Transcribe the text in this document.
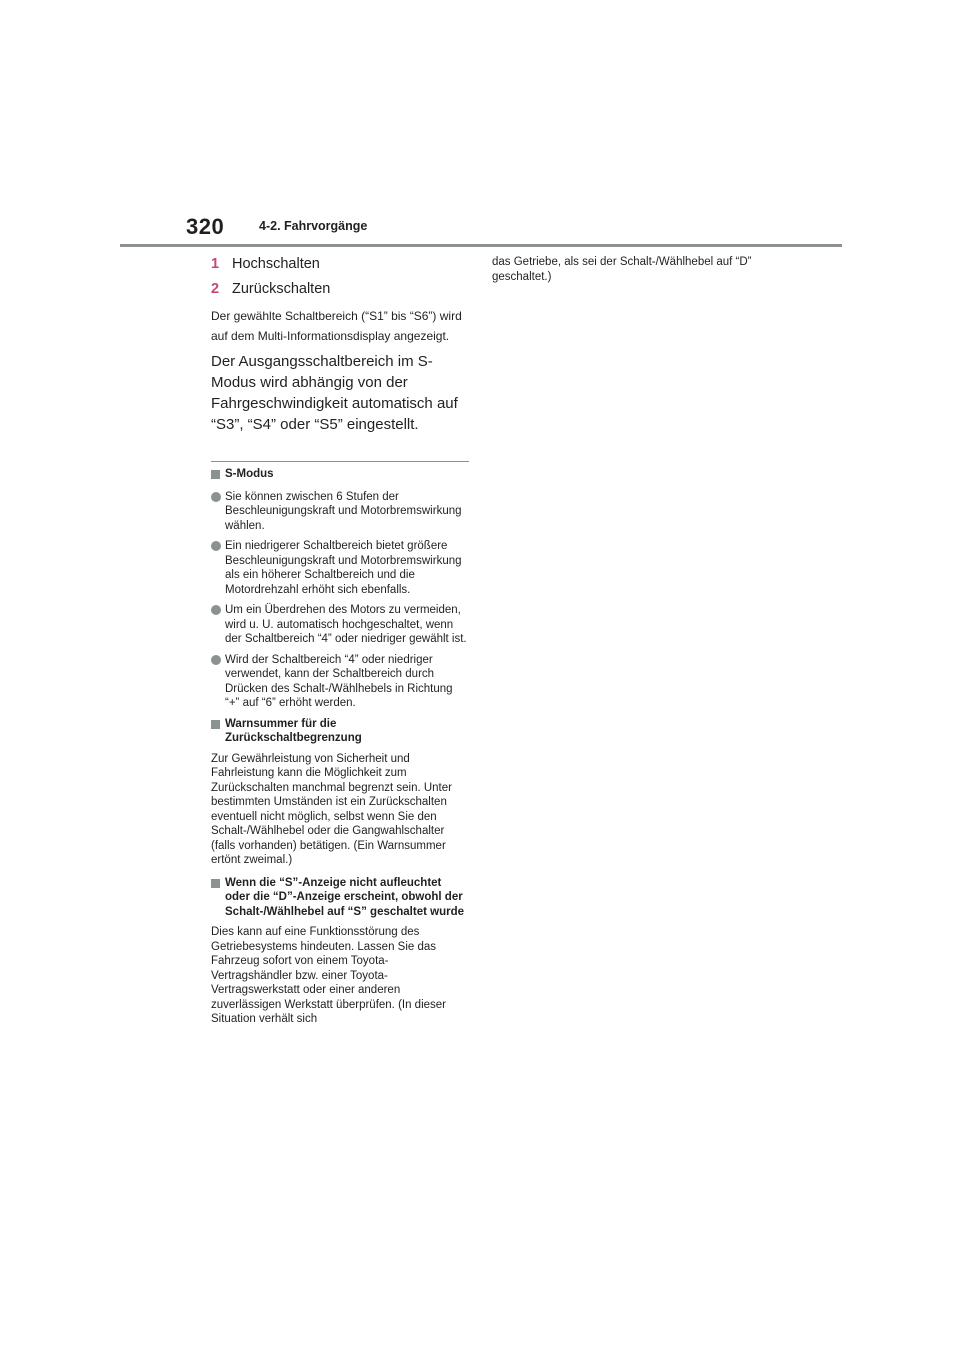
320	4-2. Fahrvorgänge
1 Hochschalten
2 Zurückschalten

Der gewählte Schaltbereich (“S1” bis “S6”) wird auf dem Multi-Informationsdisplay angezeigt.

Der Ausgangsschaltbereich im S-Modus wird abhängig von der Fahrgeschwindigkeit automatisch auf “S3”, “S4” oder “S5” eingestellt.

S-Modus
Sie können zwischen 6 Stufen der Beschleunigungskraft und Motorbremswirkung wählen.
Ein niedrigerer Schaltbereich bietet größere Beschleunigungskraft und Motorbremswirkung als ein höherer Schaltbereich und die Motordrehzahl erhöht sich ebenfalls.
Um ein Überdrehen des Motors zu vermeiden, wird u. U. automatisch hochgeschaltet, wenn der Schaltbereich “4” oder niedriger gewählt ist.
Wird der Schaltbereich “4” oder niedriger verwendet, kann der Schaltbereich durch Drücken des Schalt-/Wählhebels in Richtung “+” auf “6” erhöht werden.
Warnsummer für die Zurückschaltbegrenzung

Zur Gewährleistung von Sicherheit und Fahrleistung kann die Möglichkeit zum Zurückschalten manchmal begrenzt sein. Unter bestimmten Umständen ist ein Zurückschalten eventuell nicht möglich, selbst wenn Sie den Schalt-/Wählhebel oder die Gangwahlschalter (falls vorhanden) betätigen. (Ein Warnsummer ertönt zweimal.)

Wenn die “S”-Anzeige nicht aufleuchtet oder die “D”-Anzeige erscheint, obwohl der Schalt-/Wählhebel auf “S” geschaltet wurde

Dies kann auf eine Funktionsstörung des Getriebesystems hindeuten. Lassen Sie das Fahrzeug sofort von einem Toyota-Vertragshändler bzw. einer Toyota-Vertragswerkstatt oder einer anderen zuverlässigen Werkstatt überprüfen. (In dieser Situation verhält sich

das Getriebe, als sei der Schalt-/Wählhebel auf “D” geschaltet.)
